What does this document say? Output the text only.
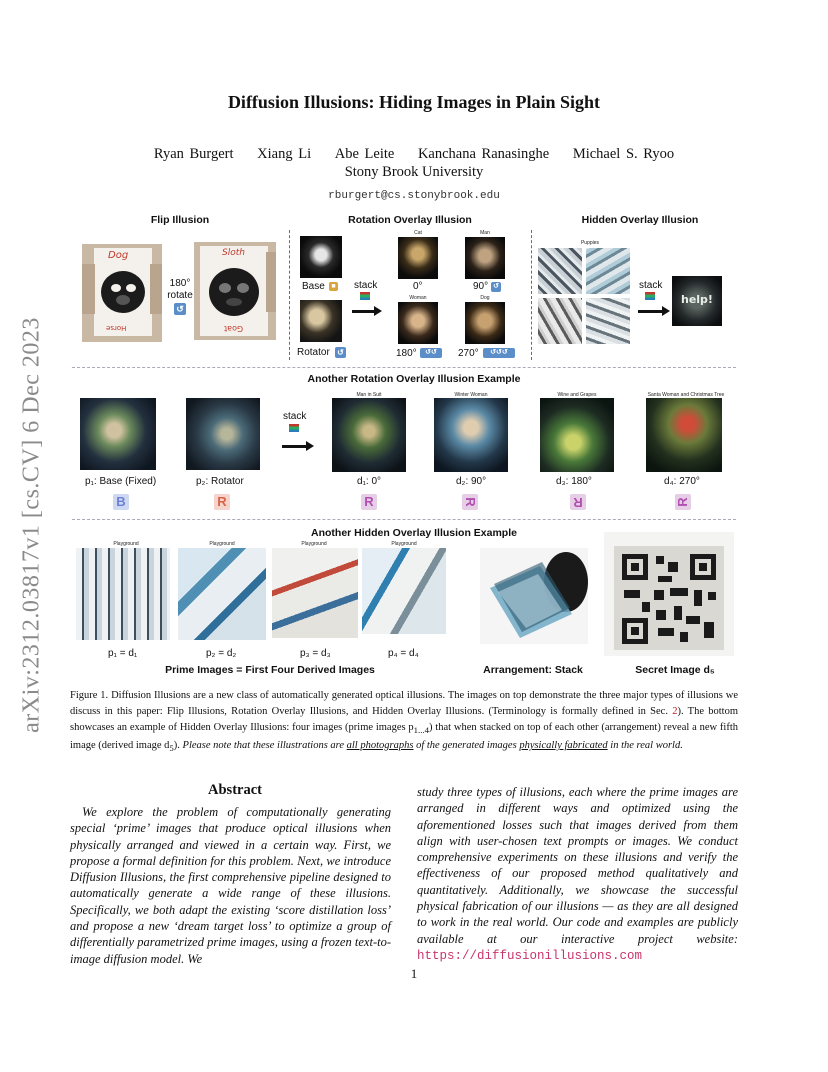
arXiv:2312.03817v1 [cs.CV] 6 Dec 2023
Diffusion Illusions: Hiding Images in Plain Sight
Ryan Burgert Xiang Li Abe Leite Kanchana Ranasinghe Michael S. Ryoo
Stony Brook University
rburgert@cs.stonybrook.edu
Flip Illusion	Rotation Overlay Illusion	Hidden Overlay Illusion
Dog
Horse
180°
rotate
↺
Sloth
Goat
Base ■
Rotator ↺
stack
Cat
0°
Man
90° ↺
Woman
180°	↺↺
Dog
270°	↺↺↺
Puppies
stack
help!
Another Rotation Overlay Illusion Example
p₁: Base (Fixed)
B
p₂: Rotator
R
stack
Man in Suit
d₁: 0°
R
Winter Woman
d₂: 90°
R
Wine and Grapes
d₃: 180°
R
Santa Woman and Christmas Tree
d₄: 270°
R
Another Hidden Overlay Illusion Example
Playground
p₁ = d₁
Playground
p₂ = d₂
Playground
p₃ = d₃
Playground
p₄ = d₄
Prime Images = First Four Derived Images	Arrangement: Stack	Secret Image d₅
Figure 1. Diffusion Illusions are a new class of automatically generated optical illusions. The images on top demonstrate the three major types of illusions we discuss in this paper: Flip Illusions, Rotation Overlay Illusions, and Hidden Overlay Illusions. (Terminology is formally defined in Sec. 2). The bottom showcases an example of Hidden Overlay Illusions: four images (prime images $p_{1...4}$) that when stacked on top of each other (arrangement) reveal a new fifth image (derived image $d_5$). Please note that these illustrations are all photographs of the generated images physically fabricated in the real world.
Abstract
We explore the problem of computationally generating special ‘prime’ images that produce optical illusions when physically arranged and viewed in a certain way. First, we propose a formal definition for this problem. Next, we introduce Diffusion Illusions, the first comprehensive pipeline designed to automatically generate a wide range of these illusions. Specifically, we both adapt the existing ‘score distillation loss’ and propose a new ‘dream target loss’ to optimize a group of differentially parametrized prime images, using a frozen text-to-image diffusion model. We
study three types of illusions, each where the prime images are arranged in different ways and optimized using the aforementioned losses such that images derived from them align with user-chosen text prompts or images. We conduct comprehensive experiments on these illusions and verify the effectiveness of our proposed method qualitatively and quantitatively. Additionally, we showcase the successful physical fabrication of our illusions — as they are all designed to work in the real world. Our code and examples are publicly available at our interactive project website: https://diffusionillusions.com
1
